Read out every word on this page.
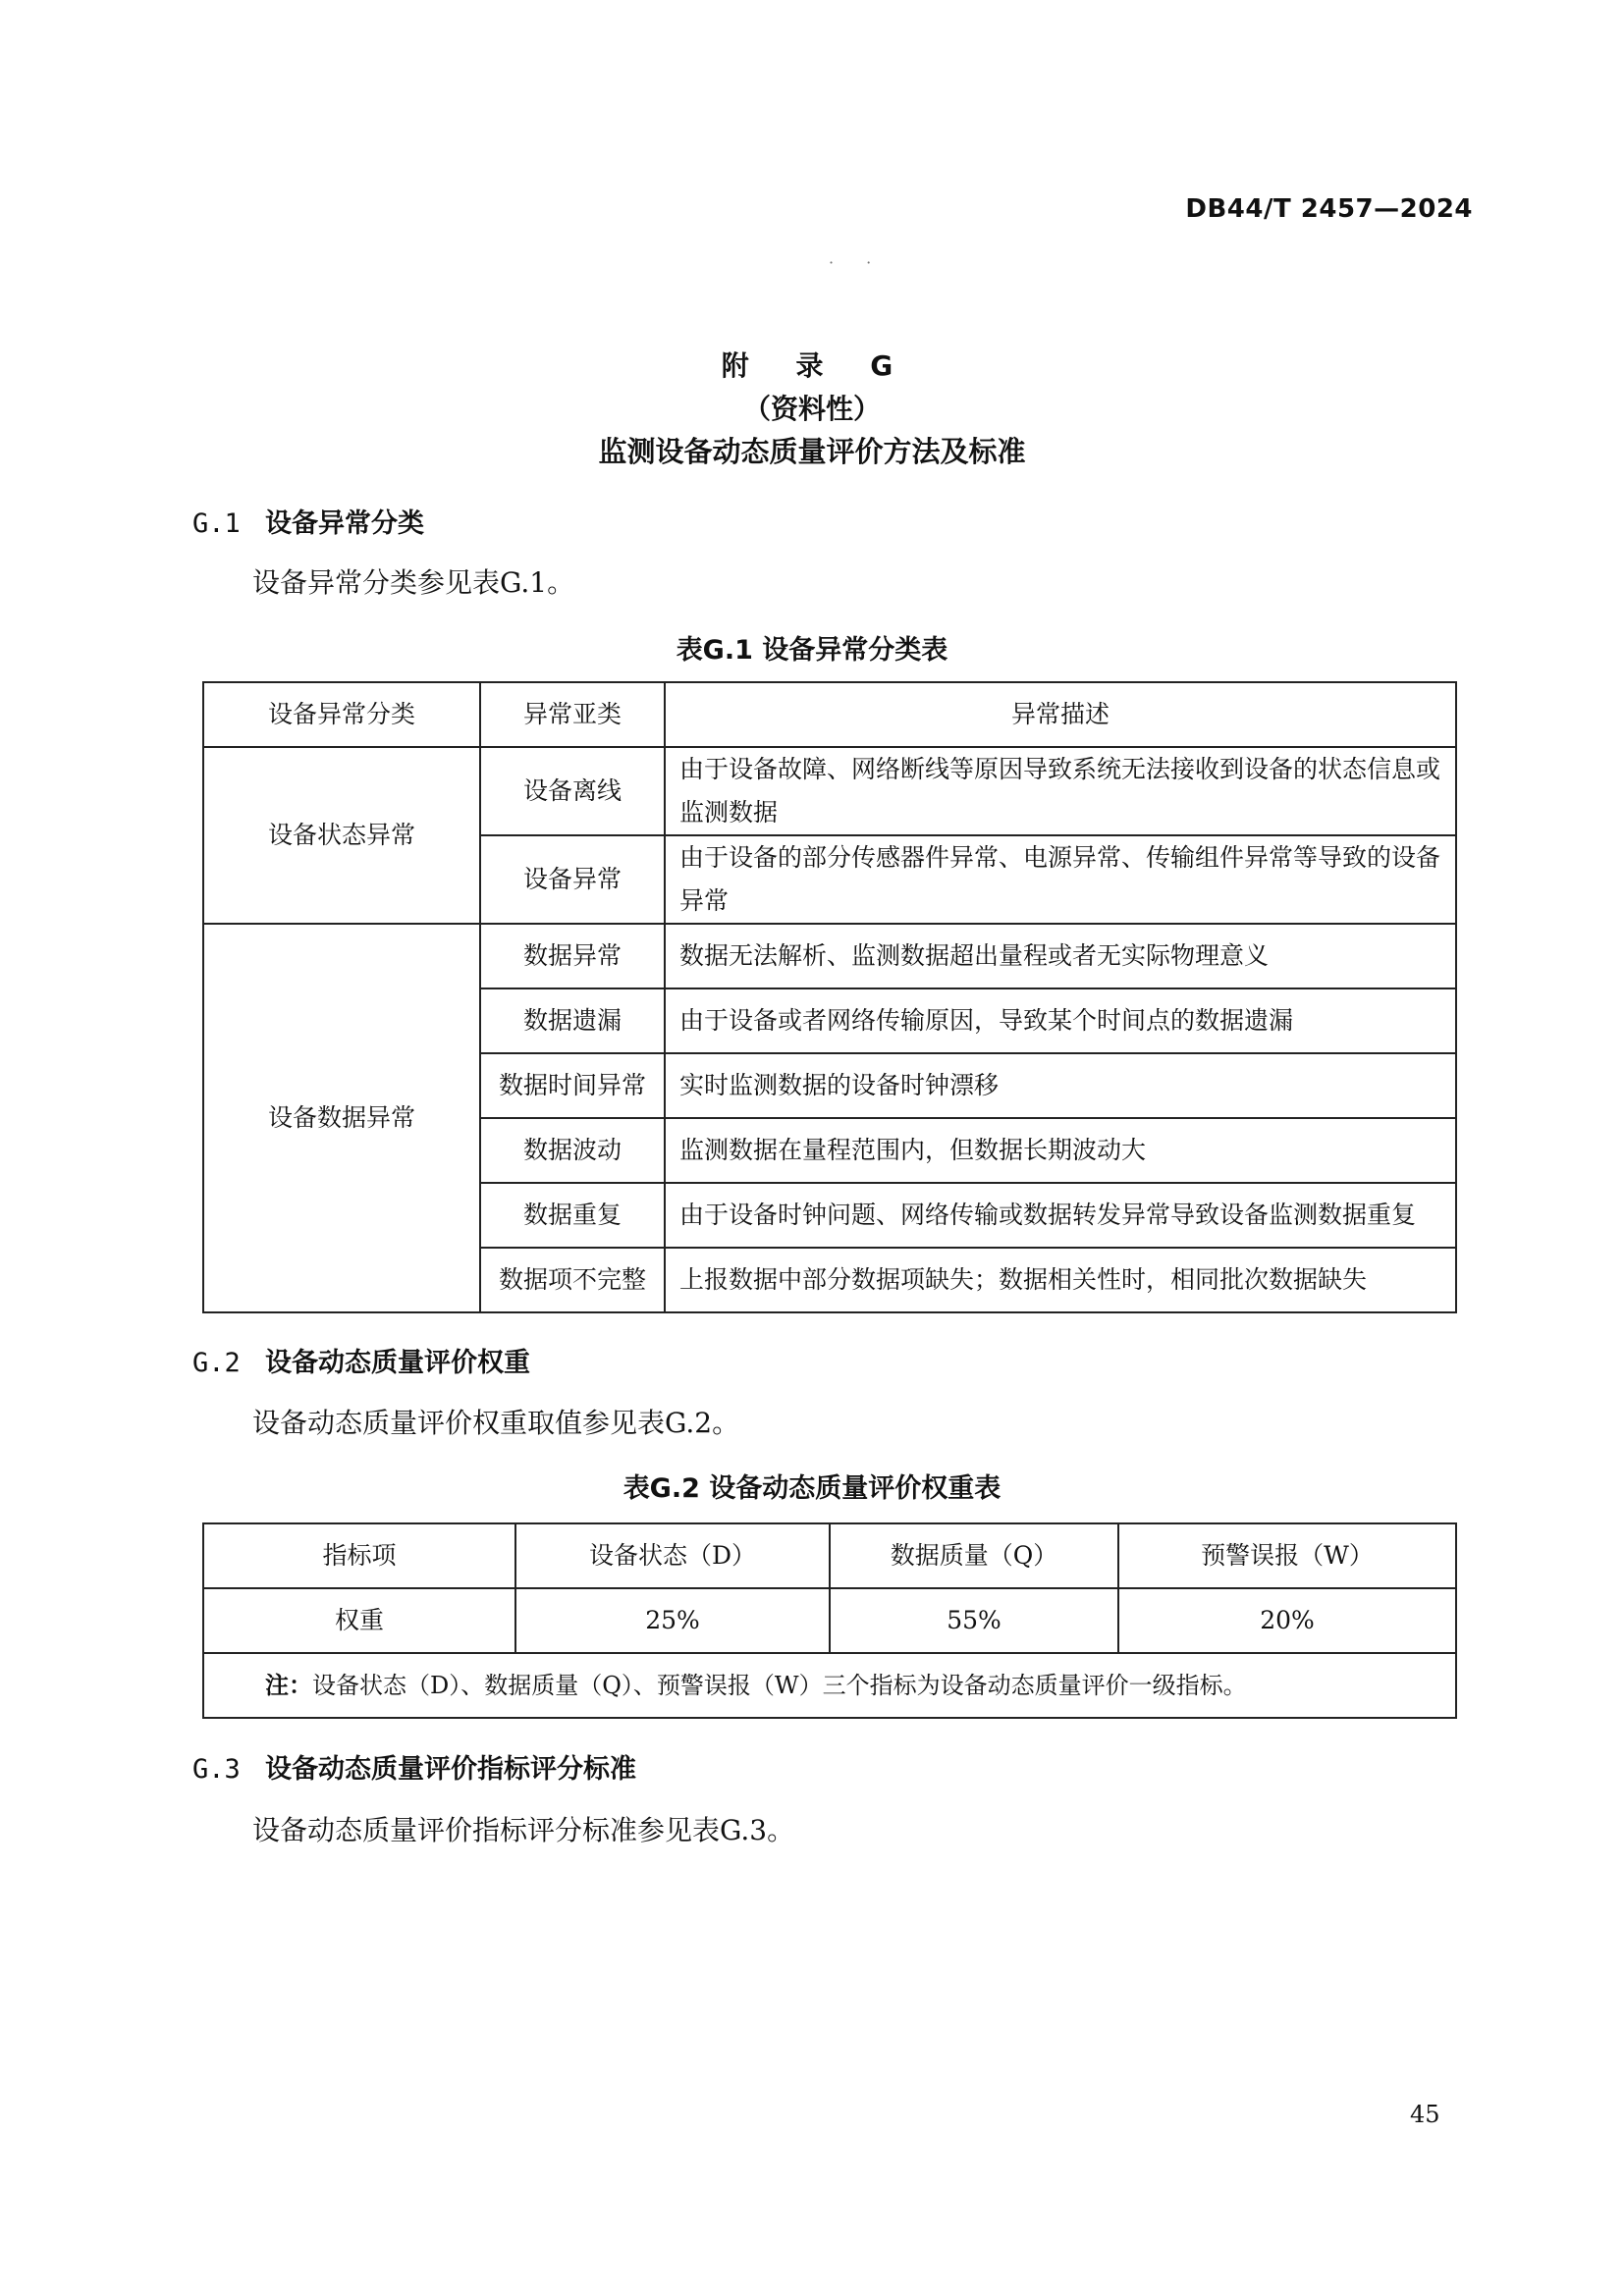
DB44/T 2457—2024
· ·
附 录 G
（资料性）
监测设备动态质量评价方法及标准
G.1 设备异常分类
设备异常分类参见表G.1。
表G.1 设备异常分类表
设备异常分类	异常亚类	异常描述
设备状态异常	设备离线	由于设备故障、网络断线等原因导致系统无法接收到设备的状态信息或监测数据
	设备异常	由于设备的部分传感器件异常、电源异常、传输组件异常等导致的设备异常
设备数据异常	数据异常	数据无法解析、监测数据超出量程或者无实际物理意义
	数据遗漏	由于设备或者网络传输原因，导致某个时间点的数据遗漏
	数据时间异常	实时监测数据的设备时钟漂移
	数据波动	监测数据在量程范围内，但数据长期波动大
	数据重复	由于设备时钟问题、网络传输或数据转发异常导致设备监测数据重复
	数据项不完整	上报数据中部分数据项缺失；数据相关性时，相同批次数据缺失
G.2 设备动态质量评价权重
设备动态质量评价权重取值参见表G.2。
表G.2 设备动态质量评价权重表
指标项	设备状态（D）	数据质量（Q）	预警误报（W）
权重	25%	55%	20%
注：设备状态（D）、数据质量（Q）、预警误报（W）三个指标为设备动态质量评价一级指标。			
G.3 设备动态质量评价指标评分标准
设备动态质量评价指标评分标准参见表G.3。
45
